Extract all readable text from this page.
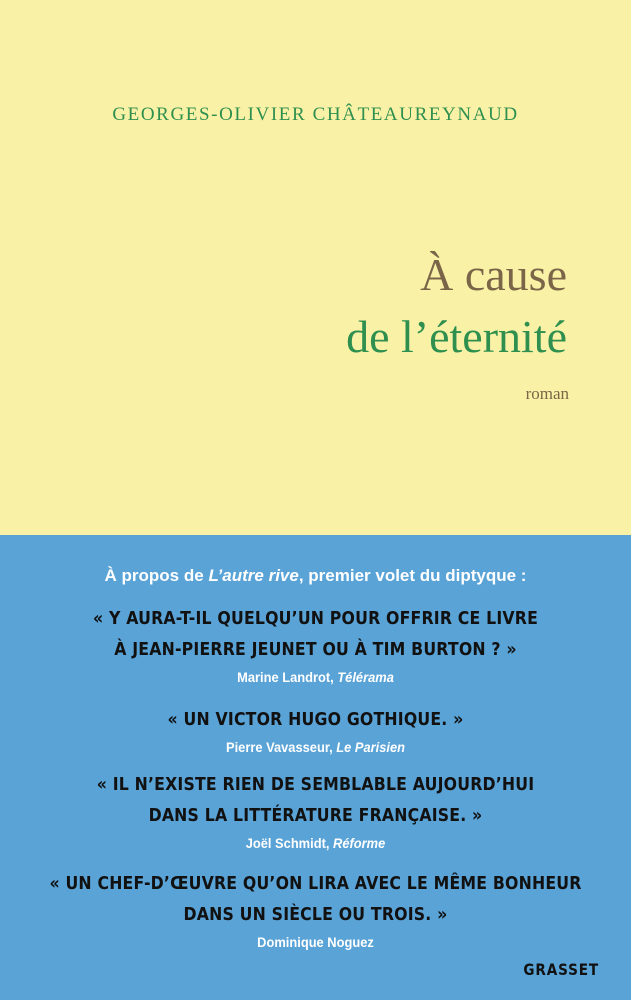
GEORGES-OLIVIER CHÂTEAUREYNAUD
À cause
de l’éternité
roman
À propos de L’autre rive, premier volet du diptyque :
« Y AURA-T-IL QUELQU’UN POUR OFFRIR CE LIVRE
À JEAN-PIERRE JEUNET OU À TIM BURTON ? »
Marine Landrot, Télérama
« UN VICTOR HUGO GOTHIQUE. »
Pierre Vavasseur, Le Parisien
« IL N’EXISTE RIEN DE SEMBLABLE AUJOURD’HUI
DANS LA LITTÉRATURE FRANÇAISE. »
Joël Schmidt, Réforme
« UN CHEF-D’ŒUVRE QU’ON LIRA AVEC LE MÊME BONHEUR
DANS UN SIÈCLE OU TROIS. »
Dominique Noguez
GRASSET
